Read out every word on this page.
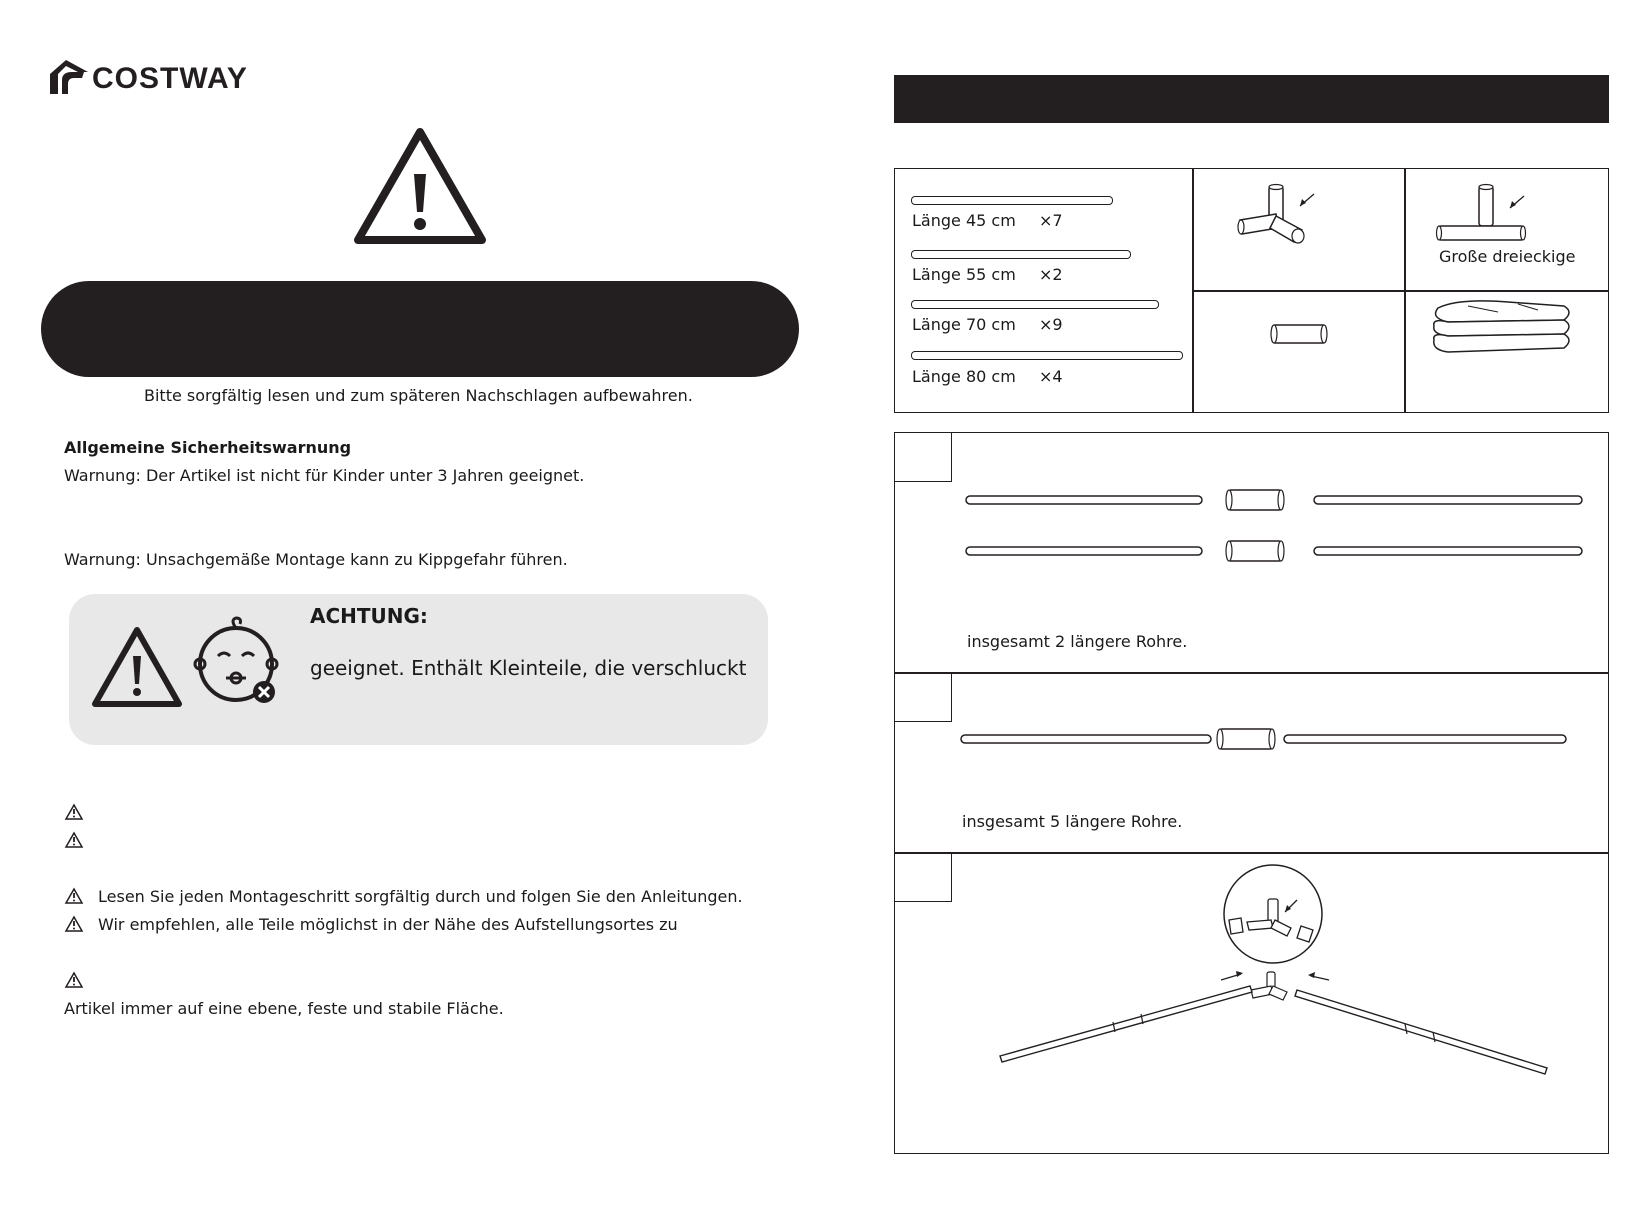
COSTWAY
Bitte sorgfältig lesen und zum späteren Nachschlagen aufbewahren.
Allgemeine Sicherheitswarnung
Warnung: Der Artikel ist nicht für Kinder unter 3 Jahren geeignet.
Warnung: Unsachgemäße Montage kann zu Kippgefahr führen.
ACHTUNG:
geeignet. Enthält Kleinteile, die verschluckt
Lesen Sie jeden Montageschritt sorgfältig durch und folgen Sie den Anleitungen.
Wir empfehlen, alle Teile möglichst in der Nähe des Aufstellungsortes zu
Artikel immer auf eine ebene, feste und stabile Fläche.
Länge 45 cm ×7
Länge 55 cm ×2
Länge 70 cm ×9
Länge 80 cm ×4
Große dreieckige
insgesamt 2 längere Rohre.
insgesamt 5 längere Rohre.
